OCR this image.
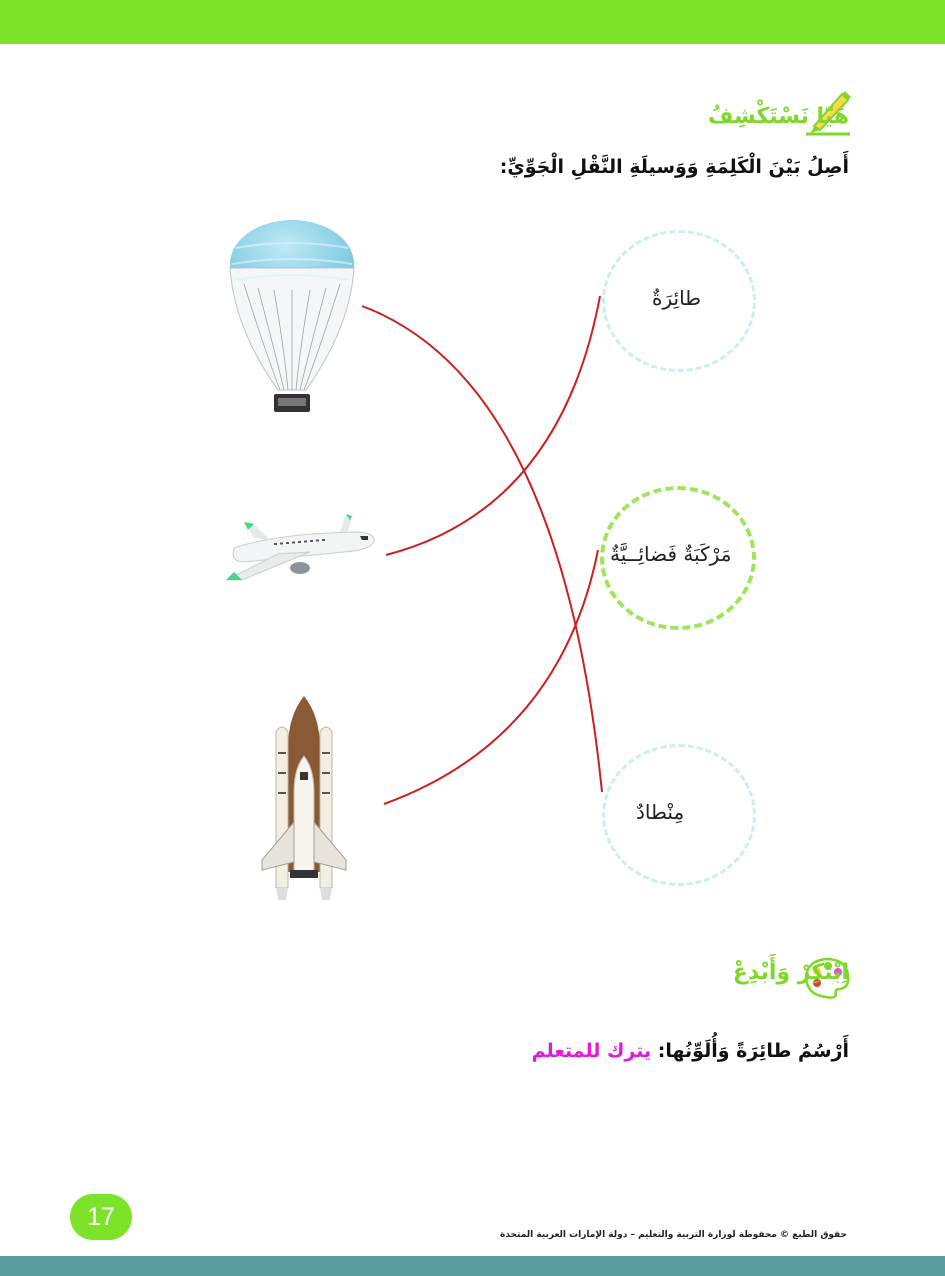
هَيّا نَسْتَكْشِفُ
أَصِلُ بَيْنَ الْكَلِمَةِ وَوَسيلَةِ النَّقْلِ الْجَوِّيِّ:
طائِرَةٌ
مَرْكَبَةٌ فَضائِــيَّةٌ
مِنْطادٌ
اِبْتَكِرْ وَأَبْدِعْ
أَرْسُمُ طائِرَةً وَأُلَوِّنُها: يترك للمتعلم
17
حقوق الطبع © محفوظة لوزارة التربية والتعليم – دولة الإمارات العربية المتحدة
